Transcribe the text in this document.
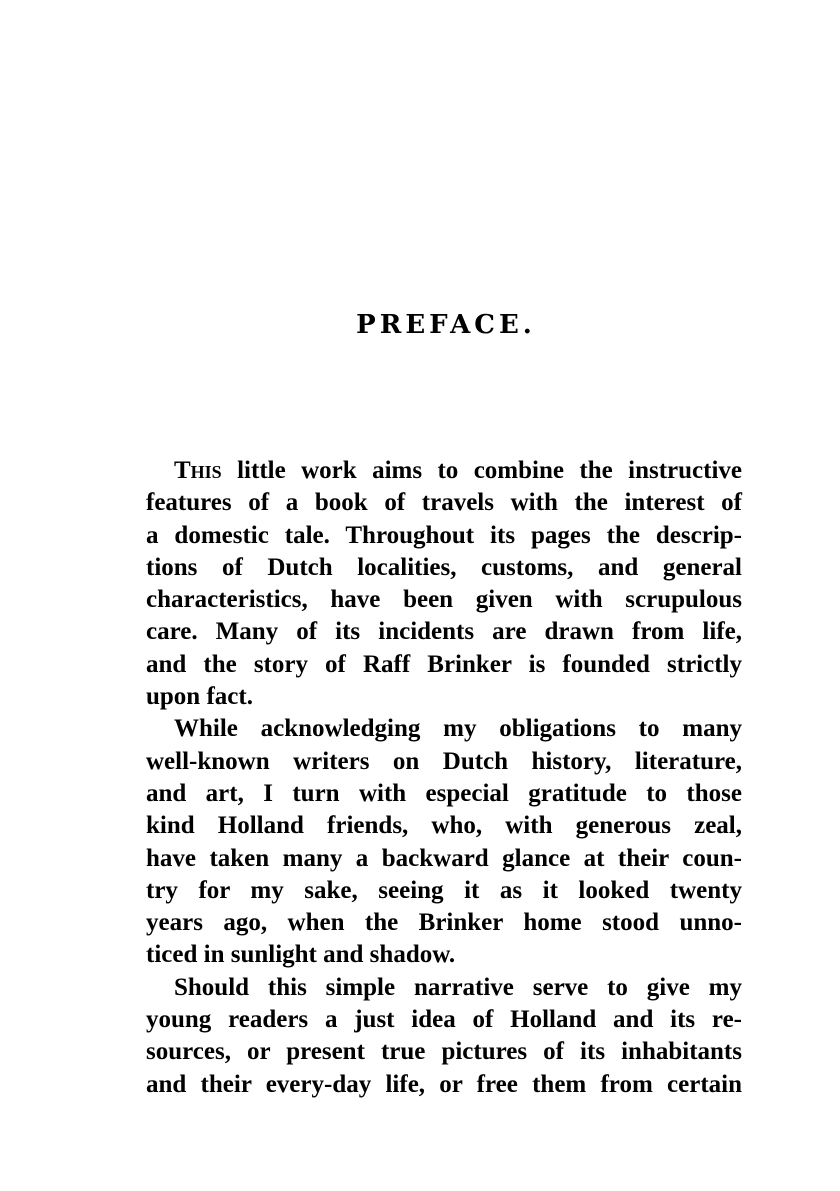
PREFACE.
This little work aims to combine the instructive
features of a book of travels with the interest of
a domestic tale. Throughout its pages the descrip-
tions of Dutch localities, customs, and general
characteristics, have been given with scrupulous
care. Many of its incidents are drawn from life,
and the story of Raff Brinker is founded strictly
upon fact.
While acknowledging my obligations to many
well-known writers on Dutch history, literature,
and art, I turn with especial gratitude to those
kind Holland friends, who, with generous zeal,
have taken many a backward glance at their coun-
try for my sake, seeing it as it looked twenty
years ago, when the Brinker home stood unno-
ticed in sunlight and shadow.
Should this simple narrative serve to give my
young readers a just idea of Holland and its re-
sources, or present true pictures of its inhabitants
and their every-day life, or free them from certain
